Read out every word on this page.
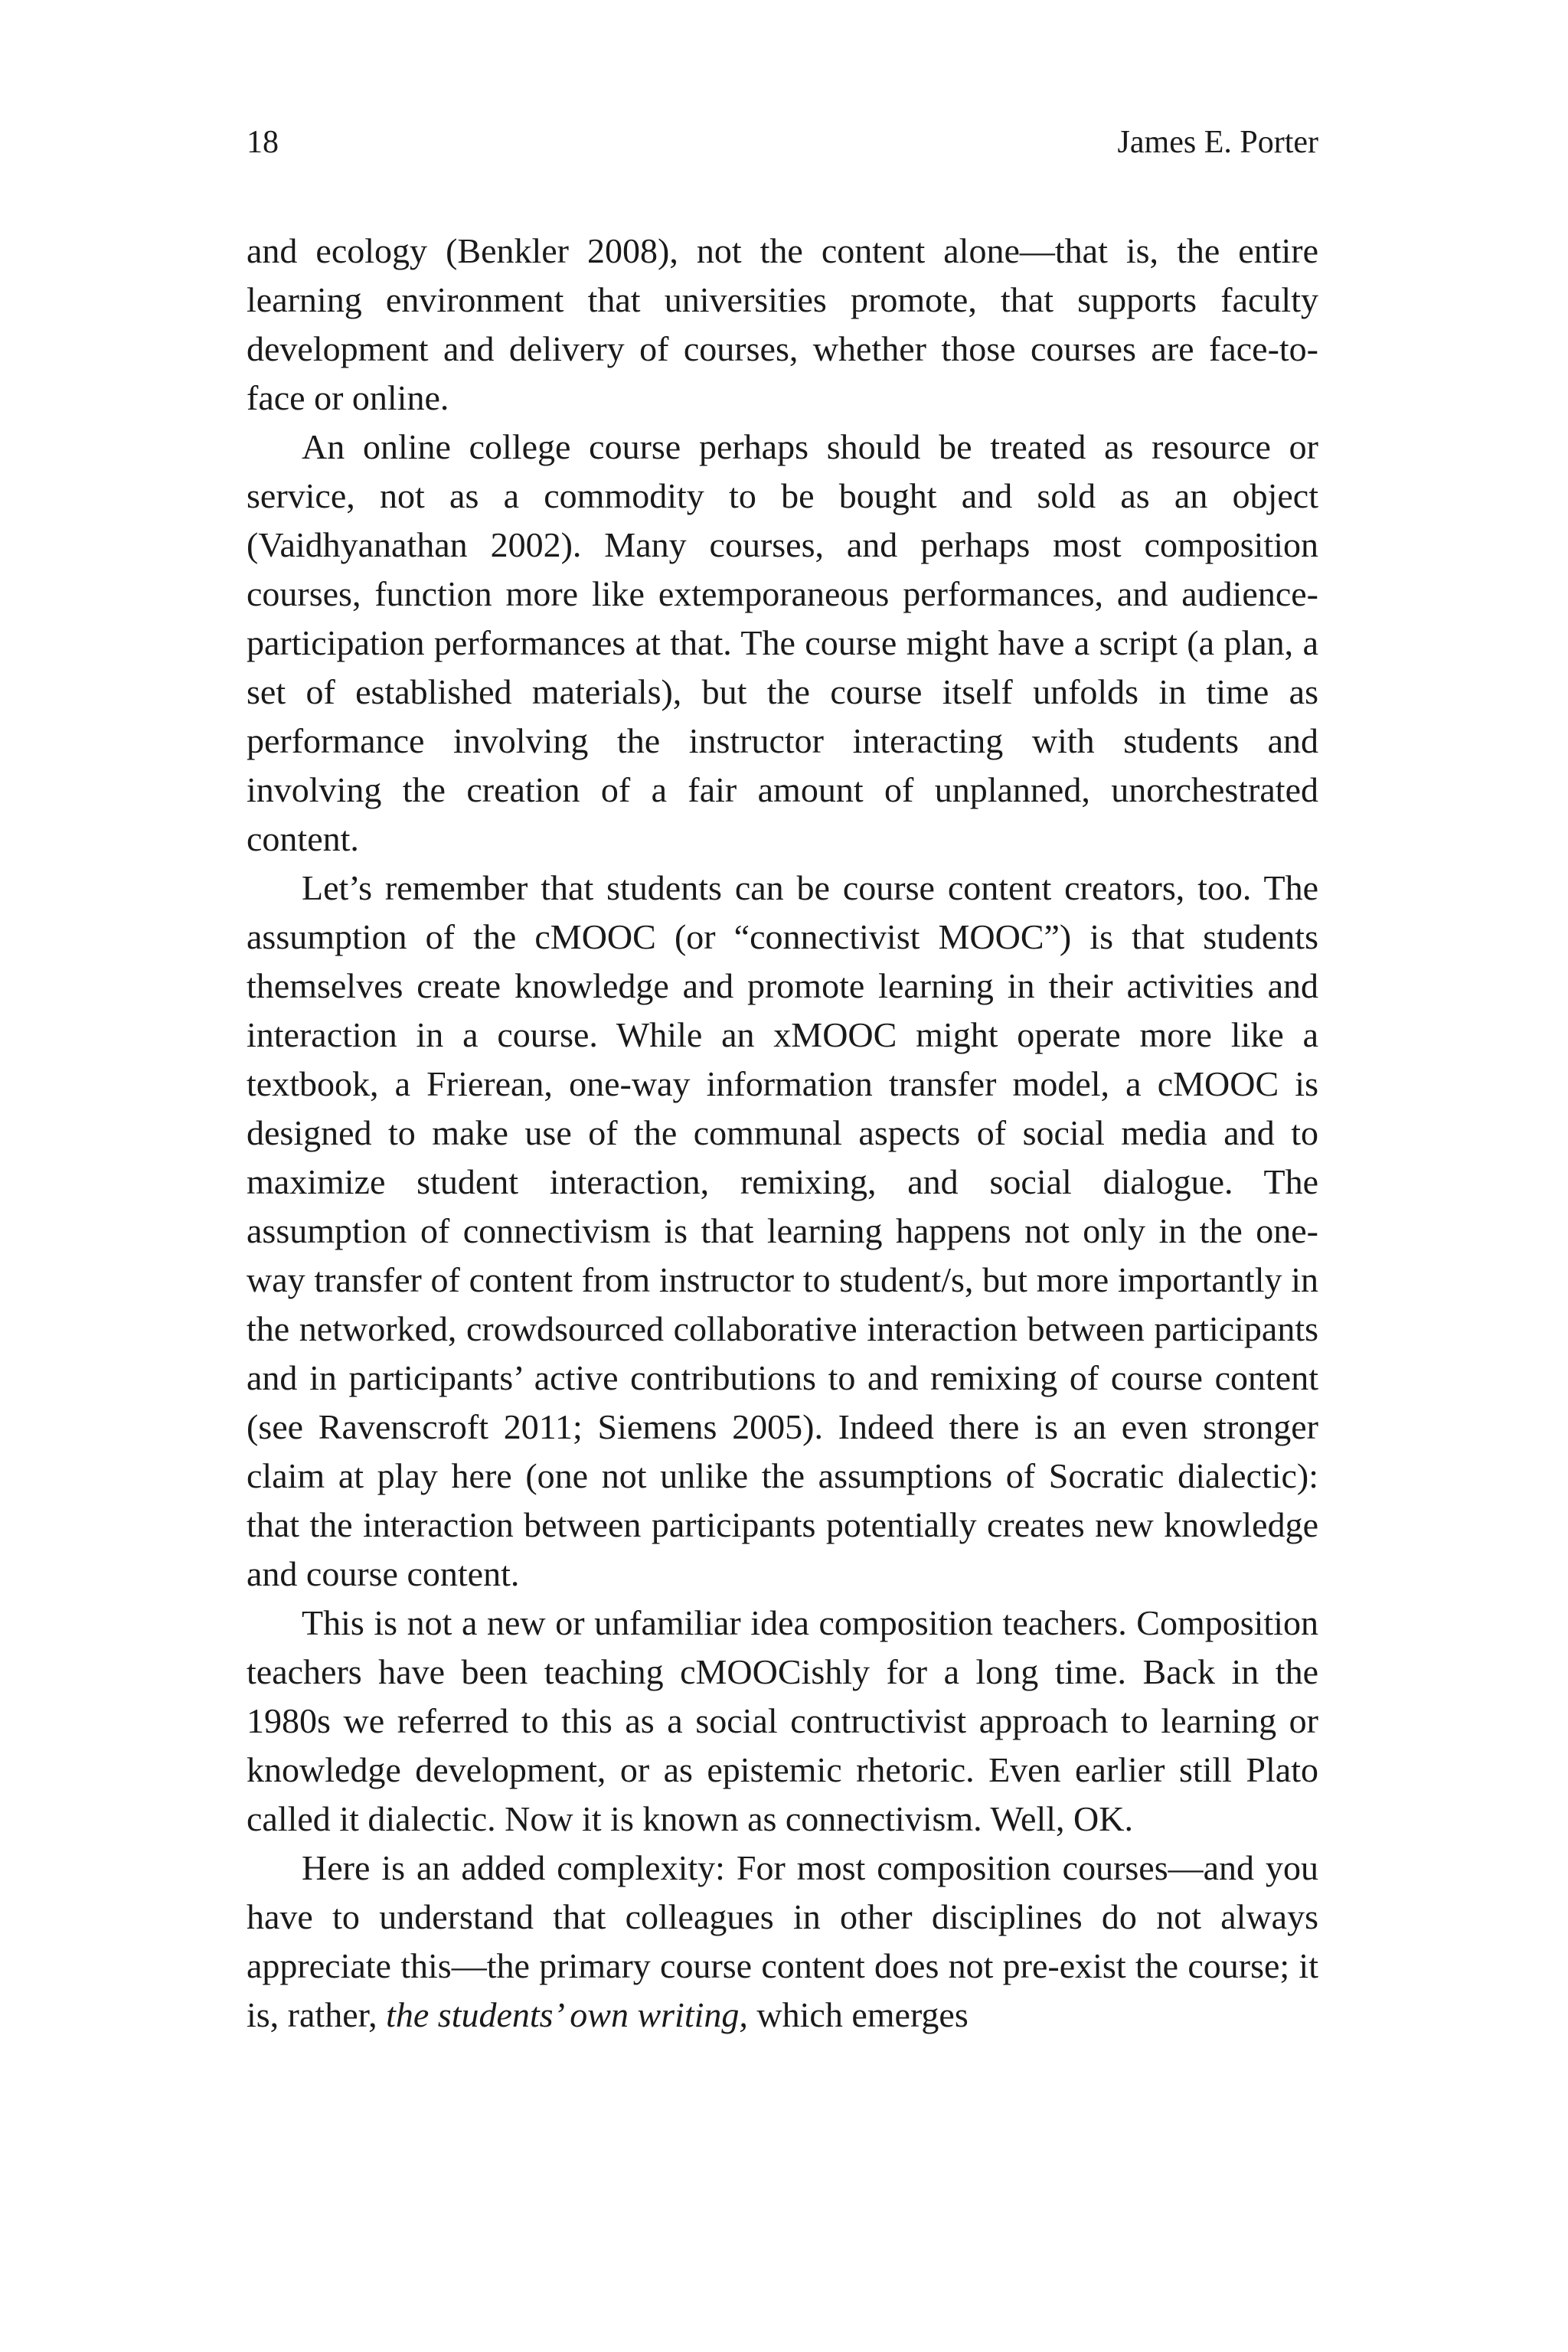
18	James E. Porter

and ecology (Benkler 2008), not the content alone—that is, the entire learning environment that universities promote, that supports faculty development and delivery of courses, whether those courses are face-to-face or online.

An online college course perhaps should be treated as resource or service, not as a commodity to be bought and sold as an object (Vaidhyanathan 2002). Many courses, and perhaps most composition courses, function more like extemporaneous performances, and audience-participation performances at that. The course might have a script (a plan, a set of established materials), but the course itself unfolds in time as performance involving the instructor interacting with students and involving the creation of a fair amount of unplanned, unorchestrated content.

Let’s remember that students can be course content creators, too. The assumption of the cMOOC (or “connectivist MOOC”) is that students themselves create knowledge and promote learning in their activities and interaction in a course. While an xMOOC might operate more like a textbook, a Frierean, one-way information transfer model, a cMOOC is designed to make use of the communal aspects of social media and to maximize student interaction, remixing, and social dialogue. The assumption of connectivism is that learning happens not only in the one-way transfer of content from instructor to student/s, but more importantly in the networked, crowdsourced collaborative interaction between participants and in participants’ active contributions to and remixing of course content (see Ravenscroft 2011; Siemens 2005). Indeed there is an even stronger claim at play here (one not unlike the assumptions of Socratic dialectic): that the interaction between participants potentially creates new knowledge and course content.

This is not a new or unfamiliar idea composition teachers. Composition teachers have been teaching cMOOCishly for a long time. Back in the 1980s we referred to this as a social contructivist approach to learning or knowledge development, or as epistemic rhetoric. Even earlier still Plato called it dialectic. Now it is known as connectivism. Well, OK.

Here is an added complexity: For most composition courses—and you have to understand that colleagues in other disciplines do not always appreciate this—the primary course content does not pre-exist the course; it is, rather, the students’ own writing, which emerges
